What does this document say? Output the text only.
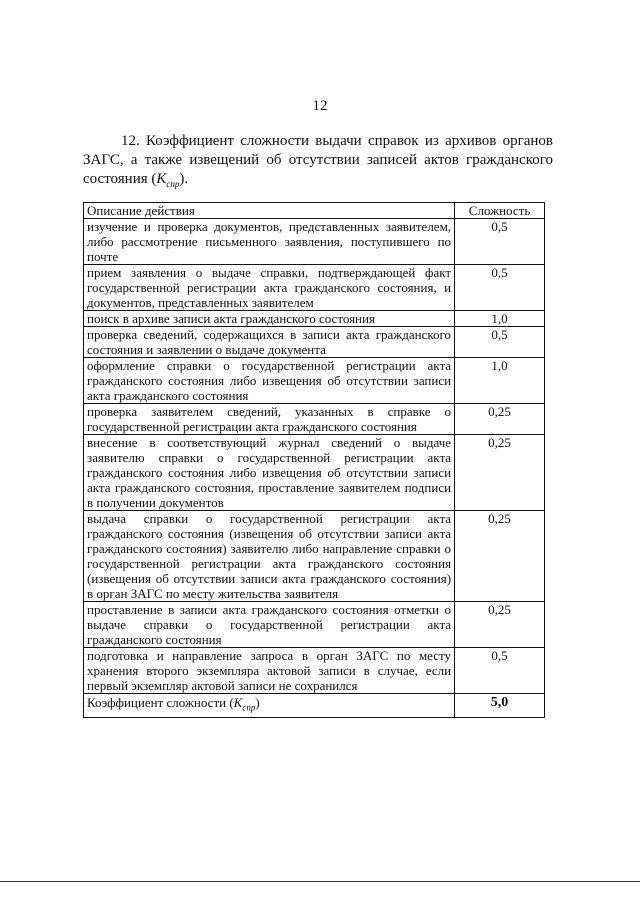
12
12. Коэффициент сложности выдачи справок из архивов органов ЗАГС, а также извещений об отсутствии записей актов гражданского состояния $(K_{спр})$.
Описание действия	Сложность
изучение и проверка документов, представленных заявителем, либо рассмотрение письменного заявления, поступившего по почте	0,5
прием заявления о выдаче справки, подтверждающей факт государственной регистрации акта гражданского состояния, и документов, представленных заявителем	0,5
поиск в архиве записи акта гражданского состояния	1,0
проверка сведений, содержащихся в записи акта гражданского состояния и заявлении о выдаче документа	0,5
оформление справки о государственной регистрации акта гражданского состояния либо извещения об отсутствии записи акта гражданского состояния	1,0
проверка заявителем сведений, указанных в справке о государственной регистрации акта гражданского состояния	0,25
внесение в соответствующий журнал сведений о выдаче заявителю справки о государственной регистрации акта гражданского состояния либо извещения об отсутствии записи акта гражданского состояния, проставление заявителем подписи в получении документов	0,25
выдача справки о государственной регистрации акта гражданского состояния (извещения об отсутствии записи акта гражданского состояния) заявителю либо направление справки о государственной регистрации акта гражданского состояния (извещения об отсутствии записи акта гражданского состояния) в орган ЗАГС по месту жительства заявителя	0,25
проставление в записи акта гражданского состояния отметки о выдаче справки о государственной регистрации акта гражданского состояния	0,25
подготовка и направление запроса в орган ЗАГС по месту хранения второго экземпляра актовой записи в случае, если первый экземпляр актовой записи не сохранился	0,5
Коэффициент сложности $(K_{спр})$	5,0
